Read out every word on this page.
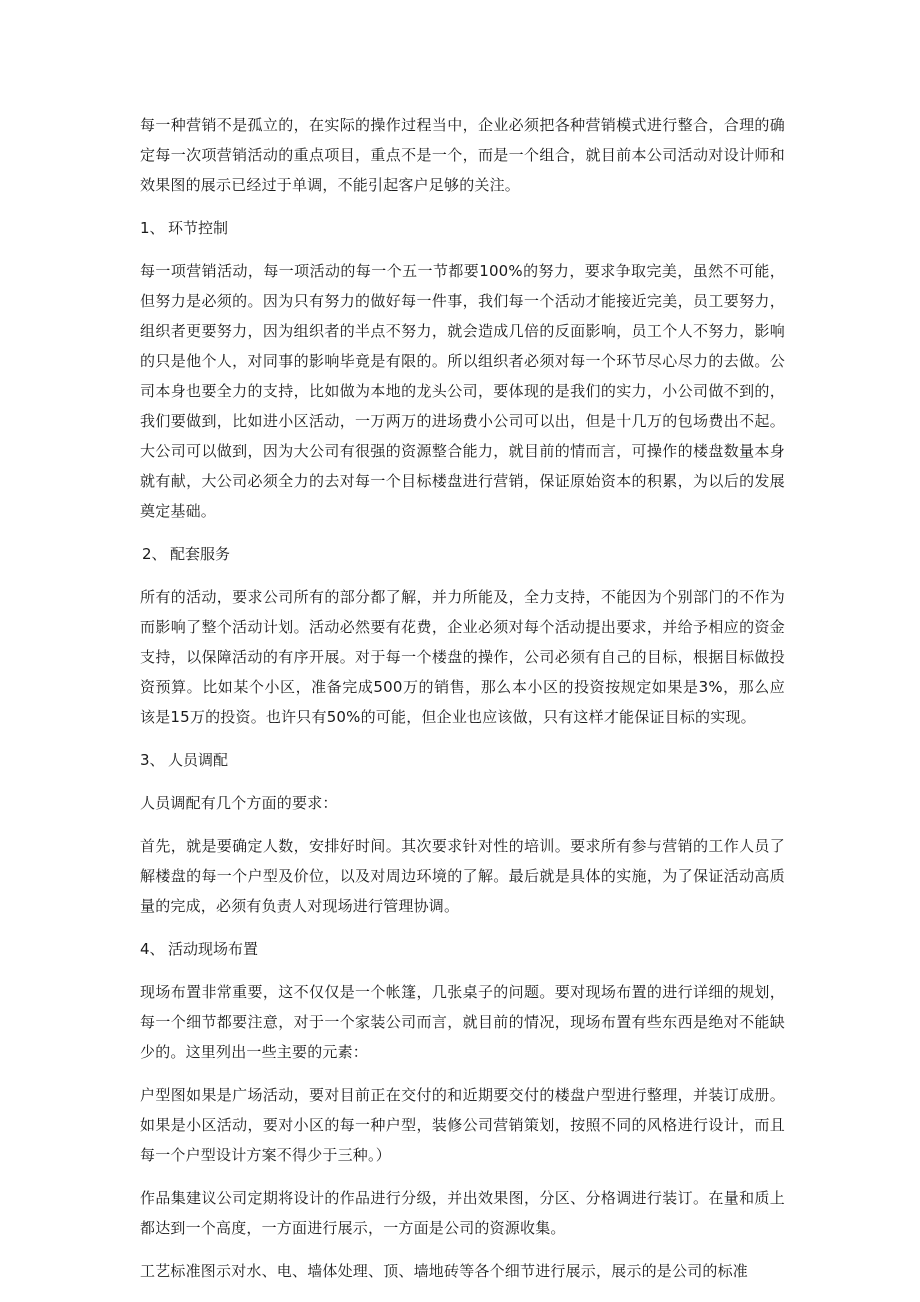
每一种营销不是孤立的，在实际的操作过程当中，企业必须把各种营销模式进行整合，合理的确定每一次项营销活动的重点项目，重点不是一个，而是一个组合，就目前本公司活动对设计师和效果图的展示已经过于单调，不能引起客户足够的关注。

1、 环节控制

每一项营销活动，每一项活动的每一个五一节都要100%的努力，要求争取完美，虽然不可能，但努力是必须的。因为只有努力的做好每一件事，我们每一个活动才能接近完美，员工要努力，组织者更要努力，因为组织者的半点不努力，就会造成几倍的反面影响，员工个人不努力，影响的只是他个人，对同事的影响毕竟是有限的。所以组织者必须对每一个环节尽心尽力的去做。公司本身也要全力的支持，比如做为本地的龙头公司，要体现的是我们的实力，小公司做不到的，我们要做到，比如进小区活动，一万两万的进场费小公司可以出，但是十几万的包场费出不起。大公司可以做到，因为大公司有很强的资源整合能力，就目前的情而言，可操作的楼盘数量本身就有献，大公司必须全力的去对每一个目标楼盘进行营销，保证原始资本的积累，为以后的发展奠定基础。

2、 配套服务

所有的活动，要求公司所有的部分都了解，并力所能及，全力支持，不能因为个别部门的不作为而影响了整个活动计划。活动必然要有花费，企业必须对每个活动提出要求，并给予相应的资金支持，以保障活动的有序开展。对于每一个楼盘的操作，公司必须有自己的目标，根据目标做投资预算。比如某个小区，准备完成500万的销售，那么本小区的投资按规定如果是3%，那么应该是15万的投资。也许只有50%的可能，但企业也应该做，只有这样才能保证目标的实现。

3、 人员调配

人员调配有几个方面的要求：

首先，就是要确定人数，安排好时间。其次要求针对性的培训。要求所有参与营销的工作人员了解楼盘的每一个户型及价位，以及对周边环境的了解。最后就是具体的实施，为了保证活动高质量的完成，必须有负责人对现场进行管理协调。

4、 活动现场布置

现场布置非常重要，这不仅仅是一个帐篷，几张桌子的问题。要对现场布置的进行详细的规划，每一个细节都要注意，对于一个家装公司而言，就目前的情况，现场布置有些东西是绝对不能缺少的。这里列出一些主要的元素：

户型图如果是广场活动，要对目前正在交付的和近期要交付的楼盘户型进行整理，并装订成册。如果是小区活动，要对小区的每一种户型，装修公司营销策划，按照不同的风格进行设计，而且每一个户型设计方案不得少于三种。）

作品集建议公司定期将设计的作品进行分级，并出效果图，分区、分格调进行装订。在量和质上都达到一个高度，一方面进行展示，一方面是公司的资源收集。

工艺标准图示对水、电、墙体处理、顶、墙地砖等各个细节进行展示，展示的是公司的标准
